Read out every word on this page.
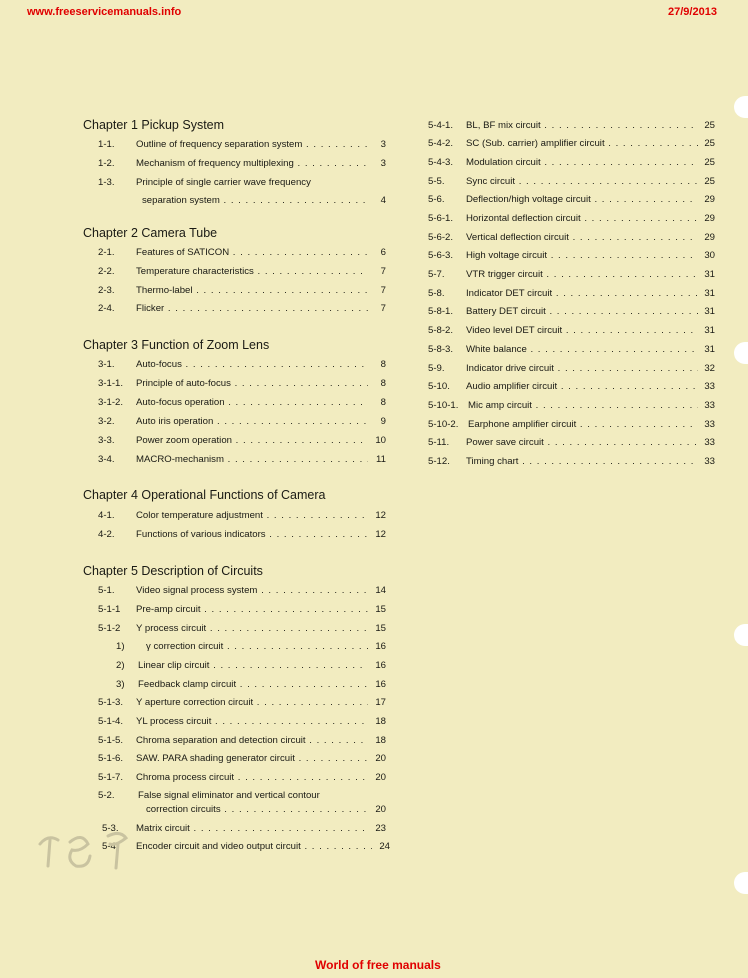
www.freeservicemanuals.info	27/9/2013
Chapter 1 Pickup System
1-1. Outline of frequency separation system . . .	3
1-2. Mechanism of frequency multiplexing . . .	3
1-3. Principle of single carrier wave frequency
separation system . . .	4
Chapter 2 Camera Tube
2-1. Features of SATICON . . .	6
2-2. Temperature characteristics . . .	7
2-3. Thermo-label . . .	7
2-4. Flicker . . .	7
Chapter 3 Function of Zoom Lens
3-1. Auto-focus . . .	8
3-1-1. Principle of auto-focus . . .	8
3-1-2. Auto-focus operation . . .	8
3-2. Auto iris operation . . .	9
3-3. Power zoom operation . . .	10
3-4. MACRO-mechanism . . .	11
Chapter 4 Operational Functions of Camera
4-1. Color temperature adjustment . . .	12
4-2. Functions of various indicators . . .	12
Chapter 5 Description of Circuits
5-1. Video signal process system . . .	14
5-1-1 Pre-amp circuit . . .	15
5-1-2 Y process circuit . . .	15
1) γ correction circuit . . .	16
2) Linear clip circuit . . .	16
3) Feedback clamp circuit . . .	16
5-1-3. Y aperture correction circuit . . .	17
5-1-4. YL process circuit . . .	18
5-1-5. Chroma separation and detection circuit . . .	18
5-1-6. SAW. PARA shading generator circuit . . .	20
5-1-7. Chroma process circuit . . .	20
5-2. False signal eliminator and vertical contour
correction circuits . . .	20
5-3. Matrix circuit . . .	23
5-4. Encoder circuit and video output circuit . . .	24
5-4-1. BL, BF mix circuit . . .	25
5-4-2. SC (Sub. carrier) amplifier circuit . . .	25
5-4-3. Modulation circuit . . .	25
5-5. Sync circuit . . .	25
5-6. Deflection/high voltage circuit . . .	29
5-6-1. Horizontal deflection circuit . . .	29
5-6-2. Vertical deflection circuit . . .	29
5-6-3. High voltage circuit . . .	30
5-7. VTR trigger circuit . . .	31
5-8. Indicator DET circuit . . .	31
5-8-1. Battery DET circuit . . .	31
5-8-2. Video level DET circuit . . .	31
5-8-3. White balance . . .	31
5-9. Indicator drive circuit . . .	32
5-10. Audio amplifier circuit . . .	33
5-10-1. Mic amp circuit . . .	33
5-10-2. Earphone amplifier circuit . . .	33
5-11. Power save circuit . . .	33
5-12. Timing chart . . .	33
World of free manuals
